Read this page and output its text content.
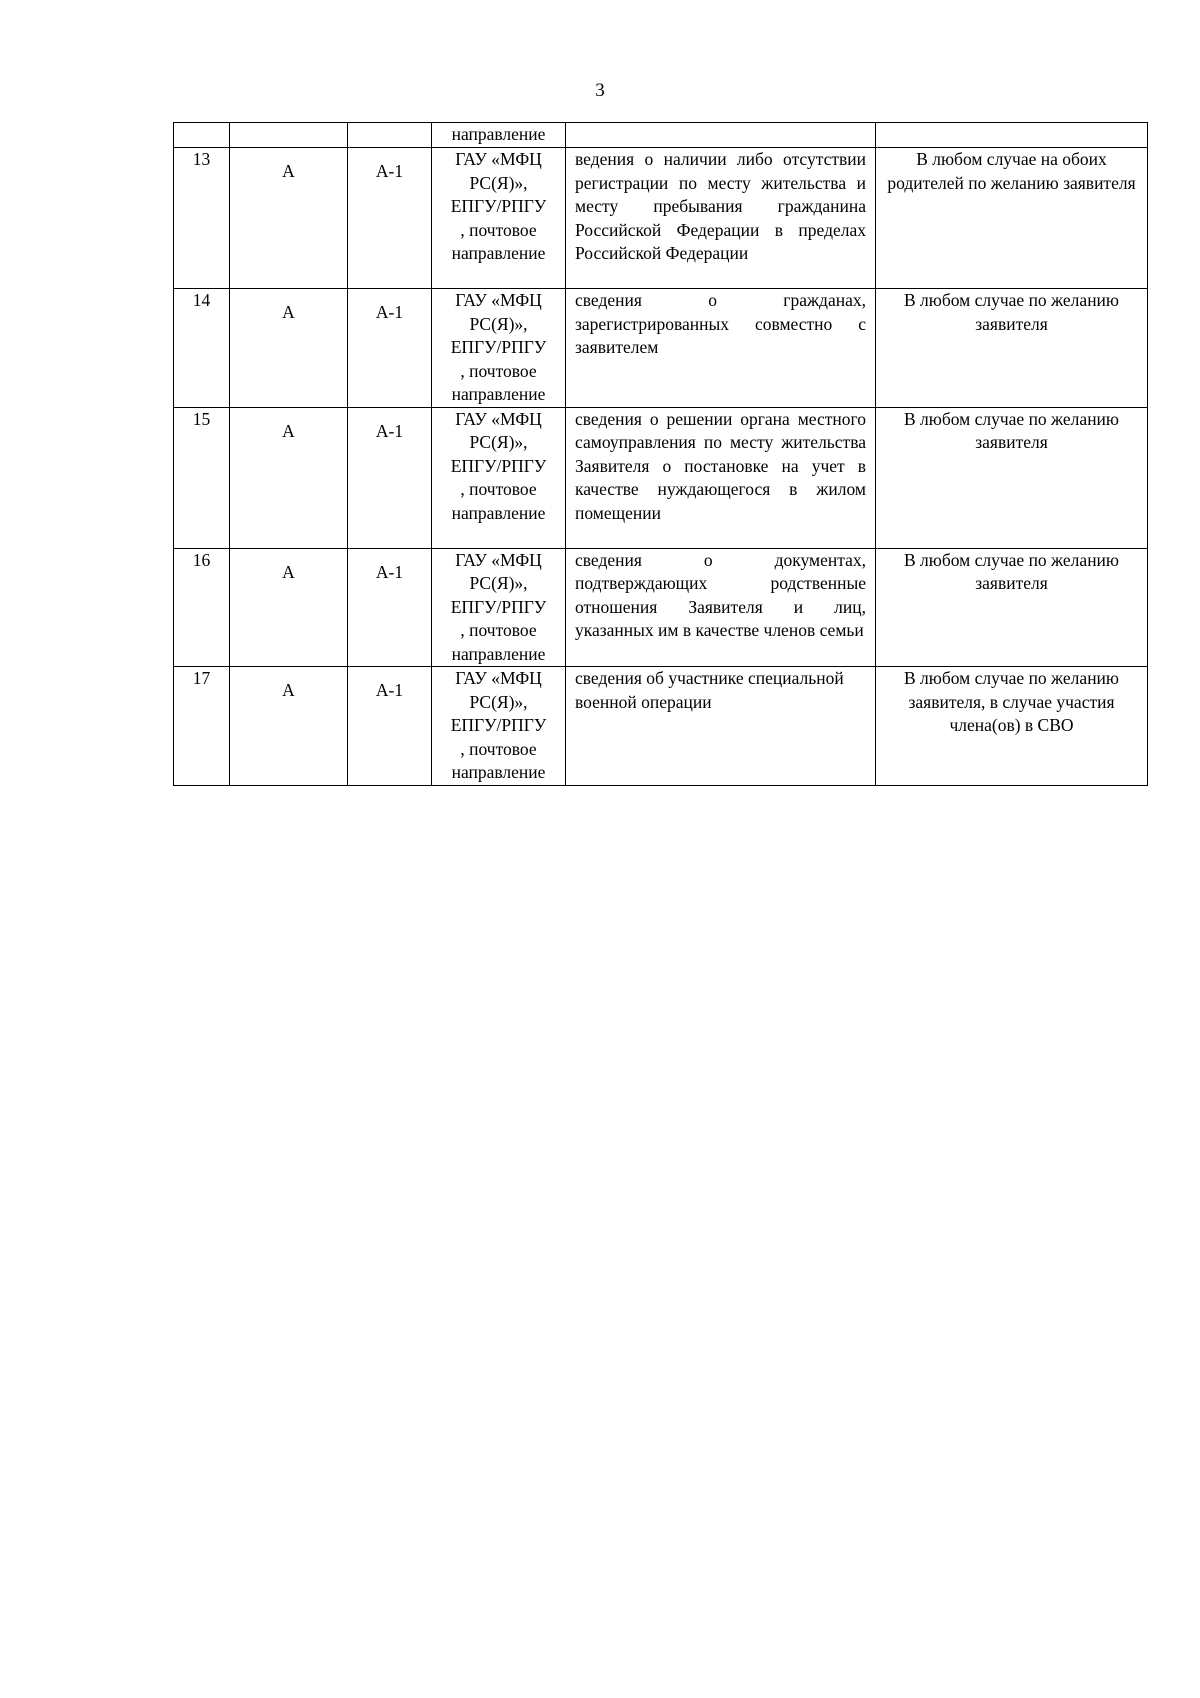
3
			направление		
13	А	А-1	ГАУ «МФЦ
РС(Я)»,
ЕПГУ/РПГУ
, почтовое
направление	ведения о наличии либо отсутствии регистрации по месту жительства и месту пребывания гражданина Российской Федерации в пределах Российской Федерации	В любом случае на обоих родителей по желанию заявителя
14	А	А-1	ГАУ «МФЦ
РС(Я)»,
ЕПГУ/РПГУ
, почтовое
направление	сведения о гражданах, зарегистрированных совместно с заявителем	В любом случае по желанию заявителя
15	А	А-1	ГАУ «МФЦ
РС(Я)»,
ЕПГУ/РПГУ
, почтовое
направление	сведения о решении органа местного самоуправления по месту жительства Заявителя о постановке на учет в качестве нуждающегося в жилом помещении	В любом случае по желанию заявителя
16	А	А-1	ГАУ «МФЦ
РС(Я)»,
ЕПГУ/РПГУ
, почтовое
направление	сведения о документах, подтверждающих родственные отношения Заявителя и лиц, указанных им в качестве членов семьи	В любом случае по желанию заявителя
17	А	А-1	ГАУ «МФЦ
РС(Я)»,
ЕПГУ/РПГУ
, почтовое
направление	сведения об участнике специальной военной операции	В любом случае по желанию заявителя, в случае участия члена(ов) в СВО
